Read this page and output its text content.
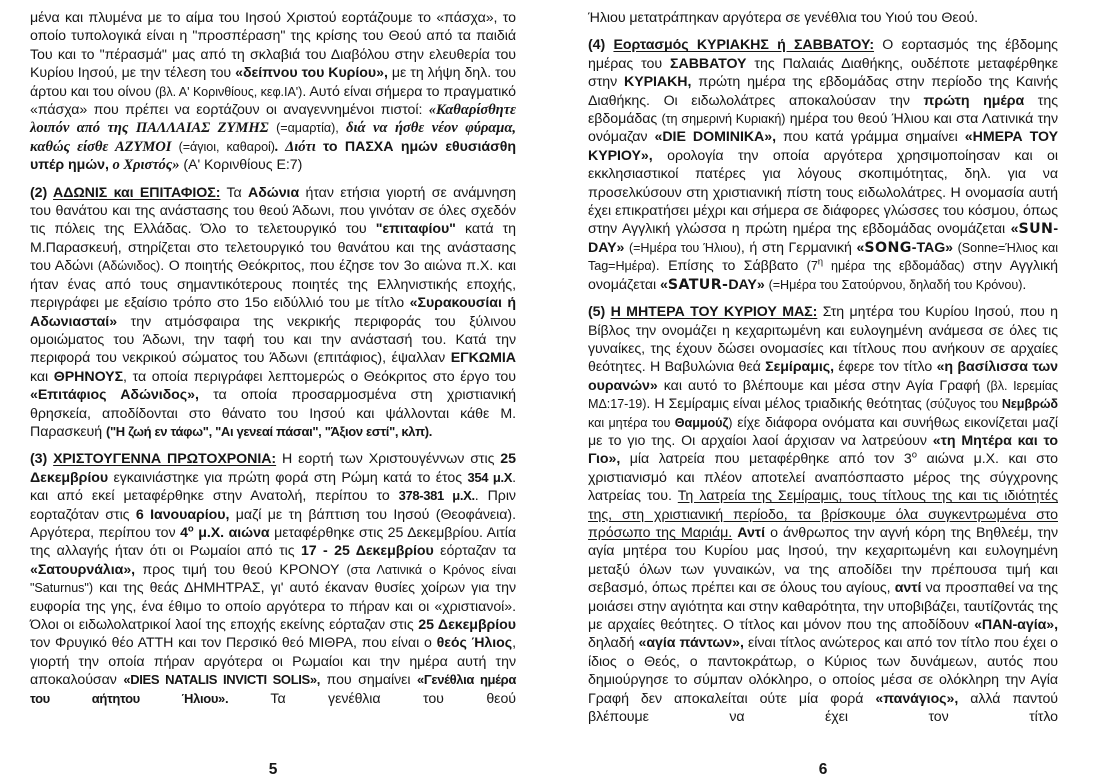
μένα και πλυμένα με το αίμα του Ιησού Χριστού εορτάζουμε το «πάσχα», το οποίο τυπολογικά είναι η "προσπέραση" της κρίσης του Θεού από τα παιδιά Του και το "πέρασμά" μας από τη σκλαβιά του Διαβόλου στην ελευθερία του Κυρίου Ιησού, με την τέλεση του «δείπνου του Κυρίου», με τη λήψη δηλ. του άρτου και του οίνου (βλ. Α' Κορινθίους, κεφ.ΙΑ'). Αυτό είναι σήμερα το πραγματικό «πάσχα» που πρέπει να εορτάζουν οι αναγεννημένοι πιστοί: «Καθαρίσθητε λοιπόν από της ΠΑΛΛΑΙΑΣ ΖΥΜΗΣ (=αμαρτία), διά να ήσθε νέον φύραμα, καθώς είσθε ΑΖΥΜΟΙ (=άγιοι, καθαροί). Διότι το ΠΑΣΧΑ ημών εθυσιάσθη υπέρ ημών, ο Χριστός» (Α' Κορινθίους Ε:7)
(2) ΑΔΩΝΙΣ και ΕΠΙΤΑΦΙΟΣ: Τα Αδώνια ήταν ετήσια γιορτή σε ανάμνηση του θανάτου και της ανάστασης του θεού Άδωνι, που γινόταν σε όλες σχεδόν τις πόλεις της Ελλάδας. Όλο το τελετουργικό του "επιταφίου" κατά τη Μ.Παρασκευή, στηρίζεται στο τελετουργικό του θανάτου και της ανάστασης του Αδώνι (Αδώνιδος). Ο ποιητής Θεόκριτος, που έζησε τον 3ο αιώνα π.Χ. και ήταν ένας από τους σημαντικότερους ποιητές της Ελληνιστικής εποχής, περιγράφει με εξαίσιο τρόπο στο 15ο ειδύλλιό του με τίτλο «Συρακουσίαι ή Αδωνιασταί» την ατμόσφαιρα της νεκρικής περιφοράς του ξύλινου ομοιώματος του Άδωνι, την ταφή του και την ανάστασή του. Κατά την περιφορά του νεκρικού σώματος του Άδωνι (επιτάφιος), έψαλλαν ΕΓΚΩΜΙΑ και ΘΡΗΝΟΥΣ, τα οποία περιγράφει λεπτομερώς ο Θεόκριτος στο έργο του «Επιτάφιος Αδώνιδος», τα οποία προσαρμοσμένα στη χριστιανική θρησκεία, αποδίδονται στο θάνατο του Ιησού και ψάλλονται κάθε Μ. Παρασκευή ("Η ζωή εν τάφω", "Αι γενεαί πάσαι", "Άξιον εστί", κλπ).
(3) ΧΡΙΣΤΟΥΓΕΝΝΑ ΠΡΩΤΟΧΡΟΝΙΑ: Η εορτή των Χριστουγέννων στις 25 Δεκεμβρίου εγκαινιάστηκε για πρώτη φορά στη Ρώμη κατά το έτος 354 μ.Χ. και από εκεί μεταφέρθηκε στην Ανατολή, περίπου το 378-381 μ.Χ.. Πριν εορταζόταν στις 6 Ιανουαρίου, μαζί με τη βάπτιση του Ιησού (Θεοφάνεια). Αργότερα, περίπου τον $4^o$ μ.Χ. αιώνα μεταφέρθηκε στις 25 Δεκεμβρίου. Αιτία της αλλαγής ήταν ότι οι Ρωμαίοι από τις 17 - 25 Δεκεμβρίου εόρταζαν τα «Σατουρνάλια», προς τιμή του θεού ΚΡΟΝΟΥ (στα Λατινικά ο Κρόνος είναι "Saturnus") και της θεάς ΔΗΜΗΤΡΑΣ, γι' αυτό έκαναν θυσίες χοίρων για την ευφορία της γης, ένα έθιμο το οποίο αργότερα το πήραν και οι «χριστιανοί». Όλοι οι ειδωλολατρικοί λαοί της εποχής εκείνης εόρταζαν στις 25 Δεκεμβρίου τον Φρυγικό θέο ΑΤΤΗ και τον Περσικό θεό ΜΙΘΡΑ, που είναι ο θεός Ήλιος, γιορτή την οποία πήραν αργότερα οι Ρωμαίοι και την ημέρα αυτή την αποκαλούσαν «DIES NATALIS INVICTI SOLIS», που σημαίνει «Γενέθλια ημέρα του αήτητου Ήλιου». Τα γενέθλια του θεού
5
Ήλιου μετατράπηκαν αργότερα σε γενέθλια του Υιού του Θεού.
(4) Εορτασμός ΚΥΡΙΑΚΗΣ ή ΣΑΒΒΑΤΟΥ: Ο εορτασμός της έβδομης ημέρας του ΣΑΒΒΑΤΟΥ της Παλαιάς Διαθήκης, ουδέποτε μεταφέρθηκε στην ΚΥΡΙΑΚΗ, πρώτη ημέρα της εβδομάδας στην περίοδο της Καινής Διαθήκης. Οι ειδωλολάτρες αποκαλούσαν την πρώτη ημέρα της εβδομάδας (τη σημερινή Κυριακή) ημέρα του θεού Ήλιου και στα Λατινικά την ονόμαζαν «DIE DOMINIKA», που κατά γράμμα σημαίνει «ΗΜΕΡΑ ΤΟΥ ΚΥΡΙΟΥ», ορολογία την οποία αργότερα χρησιμοποίησαν και οι εκκλησιαστικοί πατέρες για λόγους σκοπιμότητας, δηλ. για να προσελκύσουν στη χριστιανική πίστη τους ειδωλολάτρες. Η ονομασία αυτή έχει επικρατήσει μέχρι και σήμερα σε διάφορες γλώσσες του κόσμου, όπως στην Αγγλική γλώσσα η πρώτη ημέρα της εβδομάδας ονομάζεται «SUN-DAY» (=Ημέρα του Ήλιου), ή στη Γερμανική «SONG-TAG» (Sonne=Ήλιος και Tag=Ημέρα). Επίσης το Σάββατο ($7^\eta$ ημέρα της εβδομάδας) στην Αγγλική ονομάζεται «SATUR-DAY» (=Ημέρα του Σατούρνου, δηλαδή του Κρόνου).
(5) Η ΜΗΤΕΡΑ ΤΟΥ ΚΥΡΙΟΥ ΜΑΣ: Στη μητέρα του Κυρίου Ιησού, που η Βίβλος την ονομάζει η κεχαριτωμένη και ευλογημένη ανάμεσα σε όλες τις γυναίκες, της έχουν δώσει ονομασίες και τίτλους που ανήκουν σε αρχαίες θεότητες. Η Βαβυλώνια θεά Σεμίραμις, έφερε τον τίτλο «η βασίλισσα των ουρανών» και αυτό το βλέπουμε και μέσα στην Αγία Γραφή (βλ. Ιερεμίας ΜΔ:17-19). Η Σεμίραμις είναι μέλος τριαδικής θεότητας (σύζυγος του Νεμβρώδ και μητέρα του Θαμμούζ) είχε διάφορα ονόματα και συνήθως εικονίζεται μαζί με το γιο της. Οι αρχαίοι λαοί άρχισαν να λατρεύουν «τη Μητέρα και το Γιο», μία λατρεία που μεταφέρθηκε από τον $3^o$ αιώνα μ.Χ. και στο χριστιανισμό και πλέον αποτελεί αναπόσπαστο μέρος της σύγχρονης λατρείας του. Τη λατρεία της Σεμίραμις, τους τίτλους της και τις ιδιότητές της, στη χριστιανική περίοδο, τα βρίσκουμε όλα συγκεντρωμένα στο πρόσωπο της Μαριάμ. Αντί ο άνθρωπος την αγνή κόρη της Βηθλεέμ, την αγία μητέρα του Κυρίου μας Ιησού, την κεχαριτωμένη και ευλογημένη μεταξύ όλων των γυναικών, να της αποδίδει την πρέπουσα τιμή και σεβασμό, όπως πρέπει και σε όλους του αγίους, αντί να προσπαθεί να της μοιάσει στην αγιότητα και στην καθαρότητα, την υποβιβάζει, ταυτίζοντάς της με αρχαίες θεότητες. Ο τίτλος και μόνον που της αποδίδουν «ΠΑΝ-αγία», δηλαδή «αγία πάντων», είναι τίτλος ανώτερος και από τον τίτλο που έχει ο ίδιος ο Θεός, ο παντοκράτωρ, ο Κύριος των δυνάμεων, αυτός που δημιούργησε το σύμπαν ολόκληρο, ο οποίος μέσα σε ολόκληρη την Αγία Γραφή δεν αποκαλείται ούτε μία φορά «πανάγιος», αλλά παντού βλέπουμε να έχει τον τίτλο
6
